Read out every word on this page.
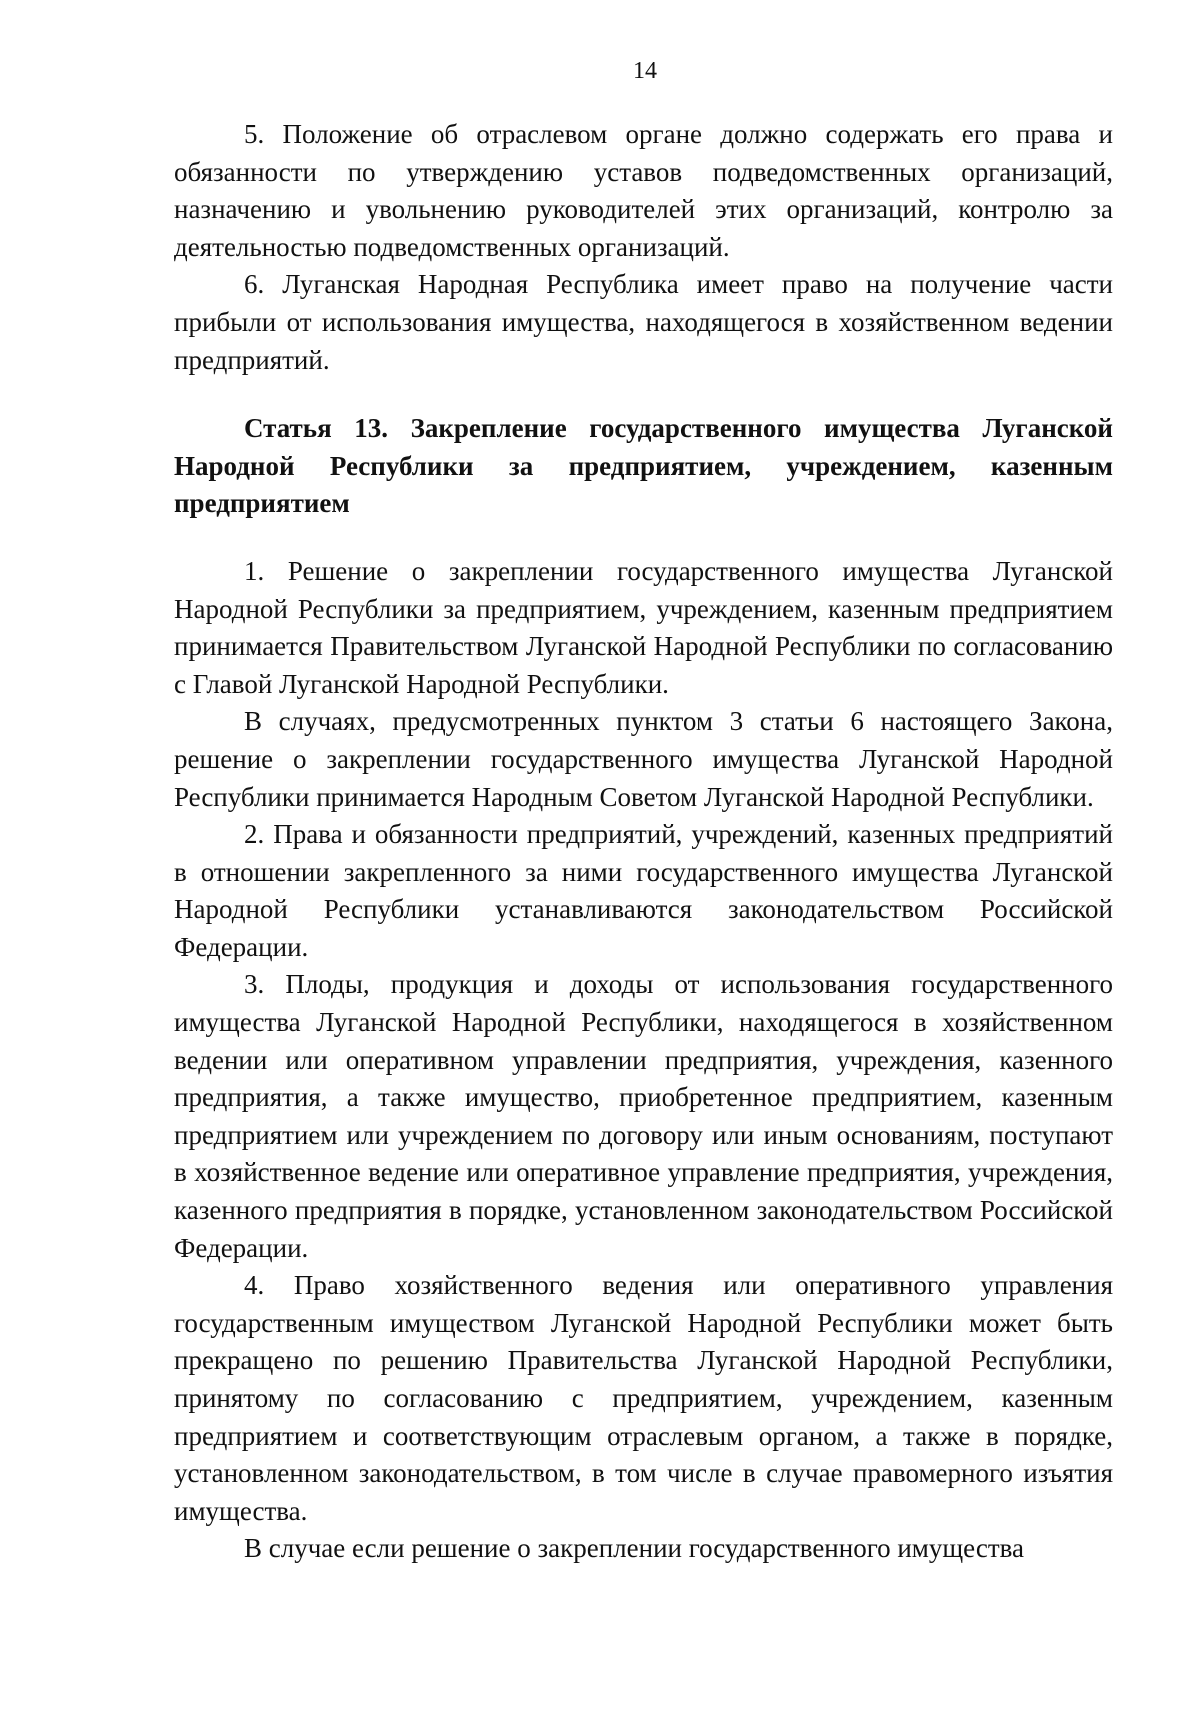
14

5. Положение об отраслевом органе должно содержать его права и обязанности по утверждению уставов подведомственных организаций, назначению и увольнению руководителей этих организаций, контролю за деятельностью подведомственных организаций.

6. Луганская Народная Республика имеет право на получение части прибыли от использования имущества, находящегося в хозяйственном ведении предприятий.

Статья 13. Закрепление государственного имущества Луганской Народной Республики за предприятием, учреждением, казенным предприятием

1. Решение о закреплении государственного имущества Луганской Народной Республики за предприятием, учреждением, казенным предприятием принимается Правительством Луганской Народной Республики по согласованию с Главой Луганской Народной Республики.

В случаях, предусмотренных пунктом 3 статьи 6 настоящего Закона, решение о закреплении государственного имущества Луганской Народной Республики принимается Народным Советом Луганской Народной Республики.

2. Права и обязанности предприятий, учреждений, казенных предприятий в отношении закрепленного за ними государственного имущества Луганской Народной Республики устанавливаются законодательством Российской Федерации.

3. Плоды, продукция и доходы от использования государственного имущества Луганской Народной Республики, находящегося в хозяйственном ведении или оперативном управлении предприятия, учреждения, казенного предприятия, а также имущество, приобретенное предприятием, казенным предприятием или учреждением по договору или иным основаниям, поступают в хозяйственное ведение или оперативное управление предприятия, учреждения, казенного предприятия в порядке, установленном законодательством Российской Федерации.

4. Право хозяйственного ведения или оперативного управления государственным имуществом Луганской Народной Республики может быть прекращено по решению Правительства Луганской Народной Республики, принятому по согласованию с предприятием, учреждением, казенным предприятием и соответствующим отраслевым органом, а также в порядке, установленном законодательством, в том числе в случае правомерного изъятия имущества.

В случае если решение о закреплении государственного имущества
